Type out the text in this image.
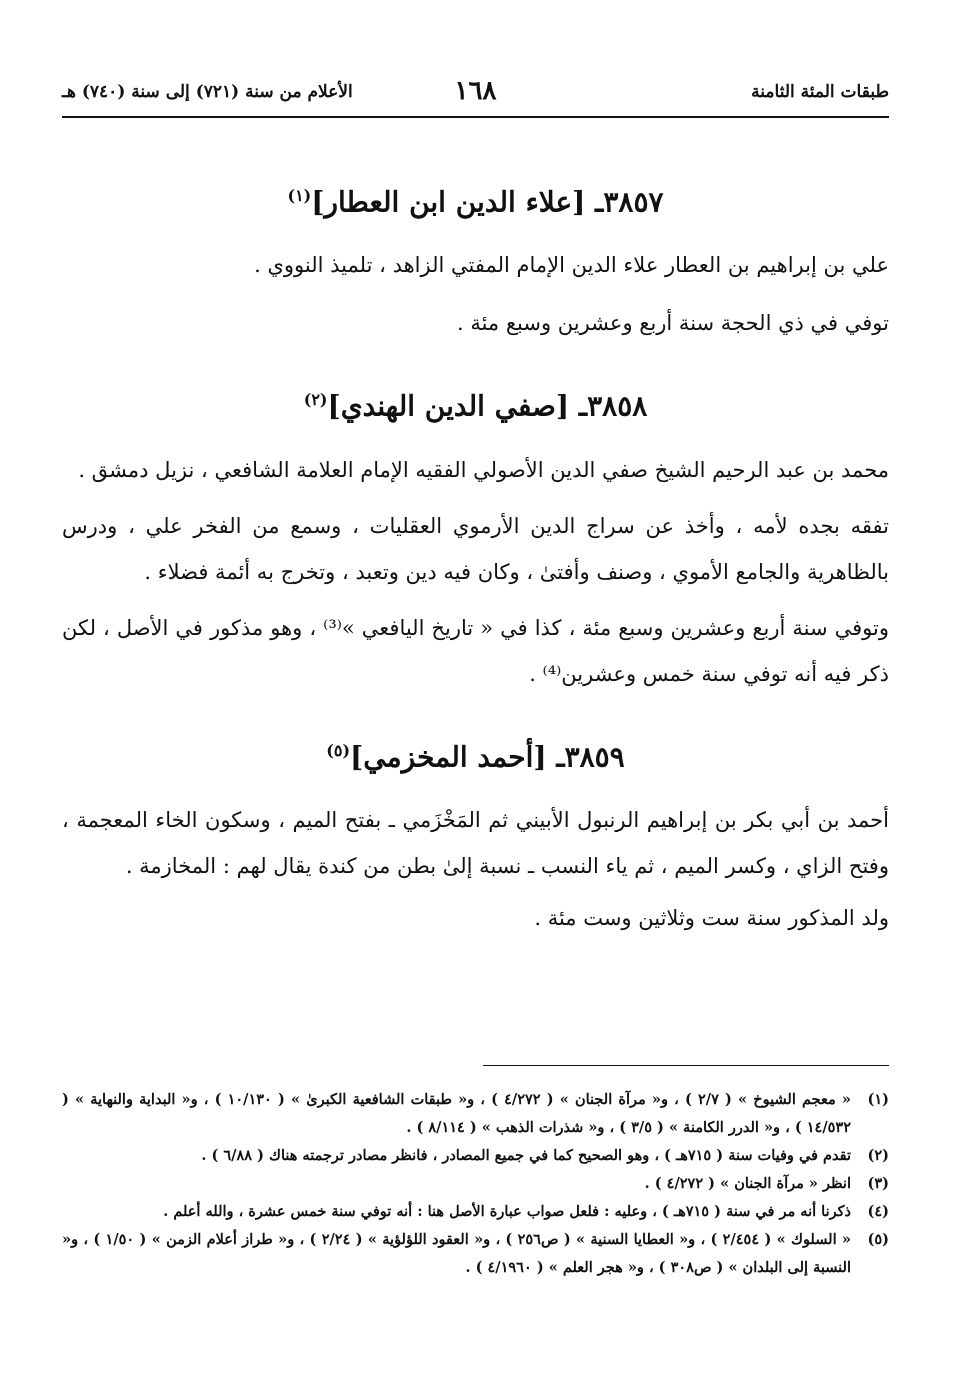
طبقات المئة الثامنة
١٦٨
الأعلام من سنة (٧٢١) إلى سنة (٧٤٠) هـ
٣٨٥٧ـ [علاء الدين ابن العطار]$^{(١)}$

علي بن إبراهيم بن العطار علاء الدين الإمام المفتي الزاهد ، تلميذ النووي .

توفي في ذي الحجة سنة أربع وعشرين وسبع مئة .

٣٨٥٨ـ [صفي الدين الهندي]$^{(٢)}$

محمد بن عبد الرحيم الشيخ صفي الدين الأصولي الفقيه الإمام العلامة الشافعي ، نزيل دمشق .

تفقه بجده لأمه ، وأخذ عن سراج الدين الأرموي العقليات ، وسمع من الفخر علي ، ودرس بالظاهرية والجامع الأموي ، وصنف وأفتىٰ ، وكان فيه دين وتعبد ، وتخرج به أئمة فضلاء .

وتوفي سنة أربع وعشرين وسبع مئة ، كذا في « تاريخ اليافعي »⁽³⁾ ، وهو مذكور في الأصل ، لكن ذكر فيه أنه توفي سنة خمس وعشرين⁽⁴⁾ .

٣٨٥٩ـ [أحمد المخزمي]$^{(٥)}$

أحمد بن أبي بكر بن إبراهيم الرنبول الأبيني ثم المَخْزَمي ـ بفتح الميم ، وسكون الخاء المعجمة ، وفتح الزاي ، وكسر الميم ، ثم ياء النسب ـ نسبة إلىٰ بطن من كندة يقال لهم : المخازمة .

ولد المذكور سنة ست وثلاثين وست مئة .

(١)
« معجم الشيوخ » ( ٢/٧ ) ، و« مرآة الجنان » ( ٤/٢٧٢ ) ، و« طبقات الشافعية الكبرىٰ » ( ١٠/١٣٠ ) ، و« البداية والنهاية » ( ١٤/٥٣٢ ) ، و« الدرر الكامنة » ( ٣/٥ ) ، و« شذرات الذهب » ( ٨/١١٤ ) .
(٢)
تقدم في وفيات سنة ( ٧١٥هـ ) ، وهو الصحيح كما في جميع المصادر ، فانظر مصادر ترجمته هناك ( ٦/٨٨ ) .
(٣)
انظر « مرآة الجنان » ( ٤/٢٧٢ ) .
(٤)
ذكرنا أنه مر في سنة ( ٧١٥هـ ) ، وعليه : فلعل صواب عبارة الأصل هنا : أنه توفي سنة خمس عشرة ، والله أعلم .
(٥)
« السلوك » ( ٢/٤٥٤ ) ، و« العطايا السنية » ( ص٢٥٦ ) ، و« العقود اللؤلؤية » ( ٢/٢٤ ) ، و« طراز أعلام الزمن » ( ١/٥٠ ) ، و« النسبة إلى البلدان » ( ص٣٠٨ ) ، و« هجر العلم » ( ٤/١٩٦٠ ) .
